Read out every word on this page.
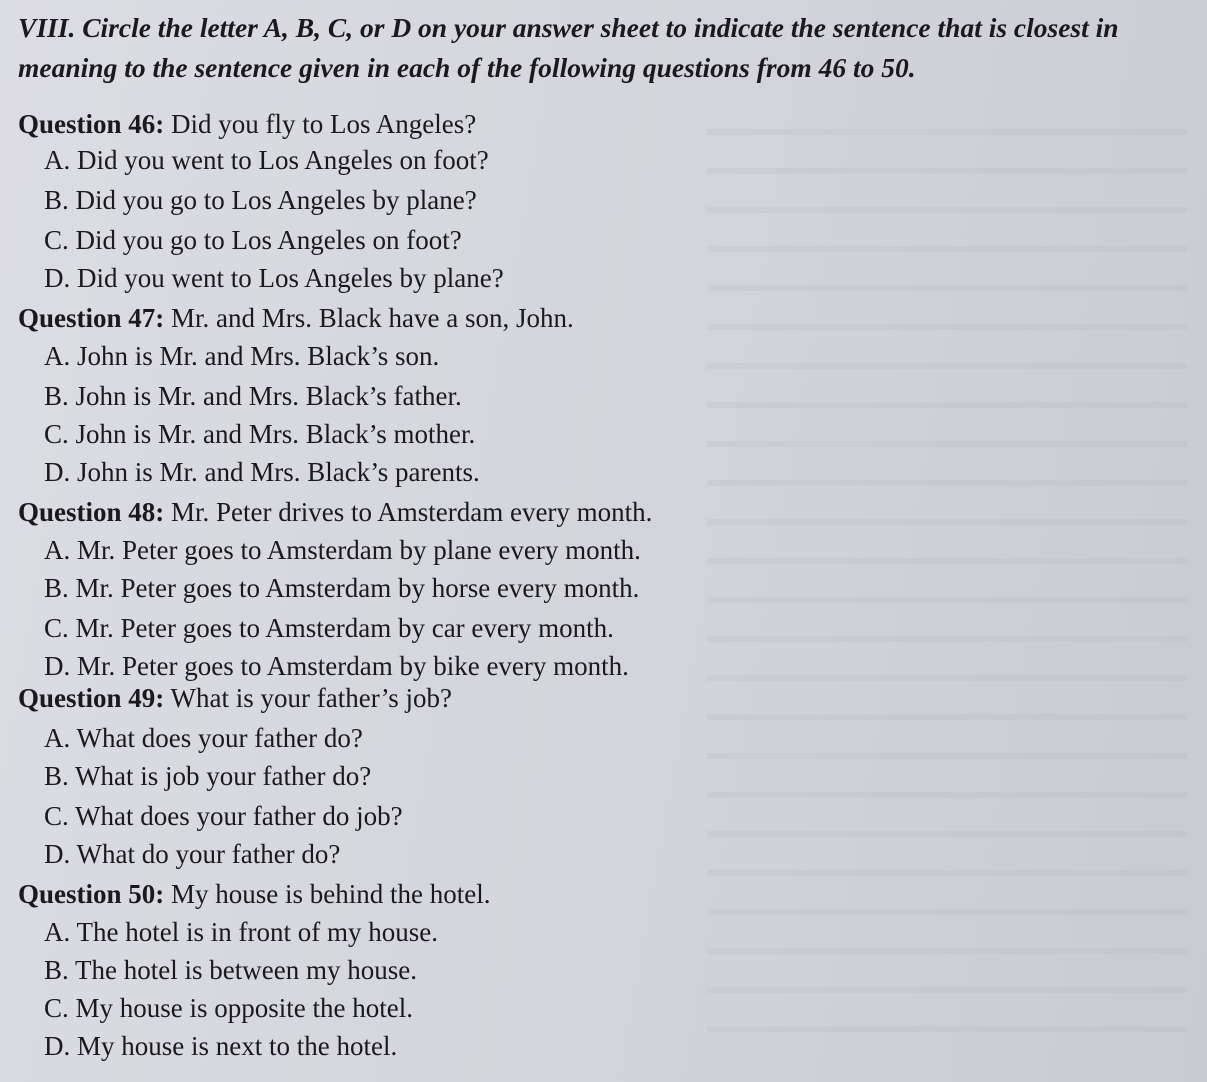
VIII. Circle the letter A, B, C, or D on your answer sheet to indicate the sentence that is closest in meaning to the sentence given in each of the following questions from 46 to 50.

Question 46: Did you fly to Los Angeles?
A. Did you went to Los Angeles on foot?
B. Did you go to Los Angeles by plane?
C. Did you go to Los Angeles on foot?
D. Did you went to Los Angeles by plane?
Question 47: Mr. and Mrs. Black have a son, John.
A. John is Mr. and Mrs. Black’s son.
B. John is Mr. and Mrs. Black’s father.
C. John is Mr. and Mrs. Black’s mother.
D. John is Mr. and Mrs. Black’s parents.
Question 48: Mr. Peter drives to Amsterdam every month.
A. Mr. Peter goes to Amsterdam by plane every month.
B. Mr. Peter goes to Amsterdam by horse every month.
C. Mr. Peter goes to Amsterdam by car every month.
D. Mr. Peter goes to Amsterdam by bike every month.
Question 49: What is your father’s job?
A. What does your father do?
B. What is job your father do?
C. What does your father do job?
D. What do your father do?
Question 50: My house is behind the hotel.
A. The hotel is in front of my house.
B. The hotel is between my house.
C. My house is opposite the hotel.
D. My house is next to the hotel.
